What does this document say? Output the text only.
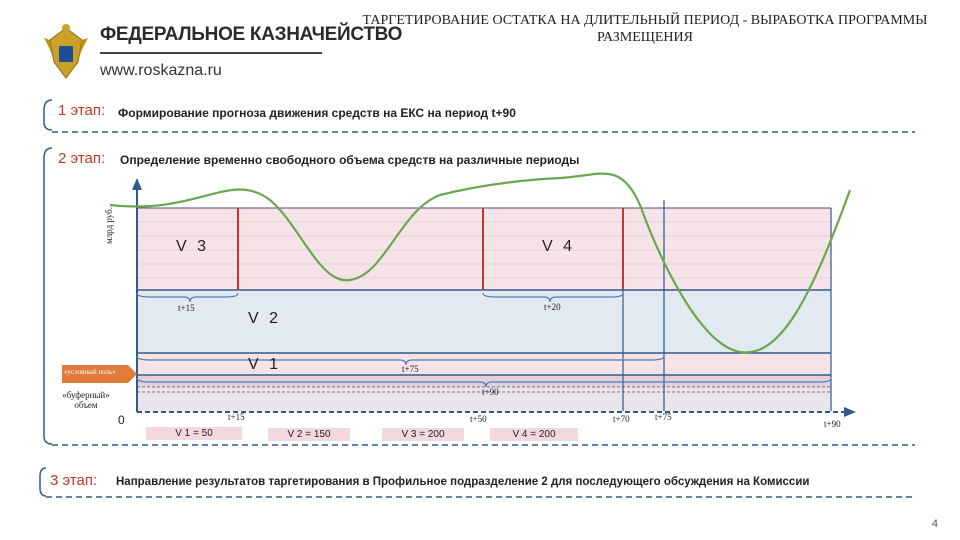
ФЕДЕРАЛЬНОЕ КАЗНАЧЕЙСТВО
www.roskazna.ru
ТАРГЕТИРОВАНИЕ ОСТАТКА НА ДЛИТЕЛЬНЫЙ ПЕРИОД - ВЫРАБОТКА ПРОГРАММЫ РАЗМЕЩЕНИЯ
1 этап: Формирование прогноза движения средств на ЕКС на период t+90
2 этап: Определение временно свободного объема средств на различные периоды
3 этап: Направление результатов таргетирования в Профильное подразделение 2 для последующего обсуждения на Комиссии
млрд руб.
0
«условный ноль»
«буферный» объем
V 3	V 4
V 2
V 1
t+15	t+20
t+75
t+90
t+15	t+50	t+70	t+75
t+90
V 1 = 50	V 2 = 150	V 3 = 200	V 4 = 200
4
